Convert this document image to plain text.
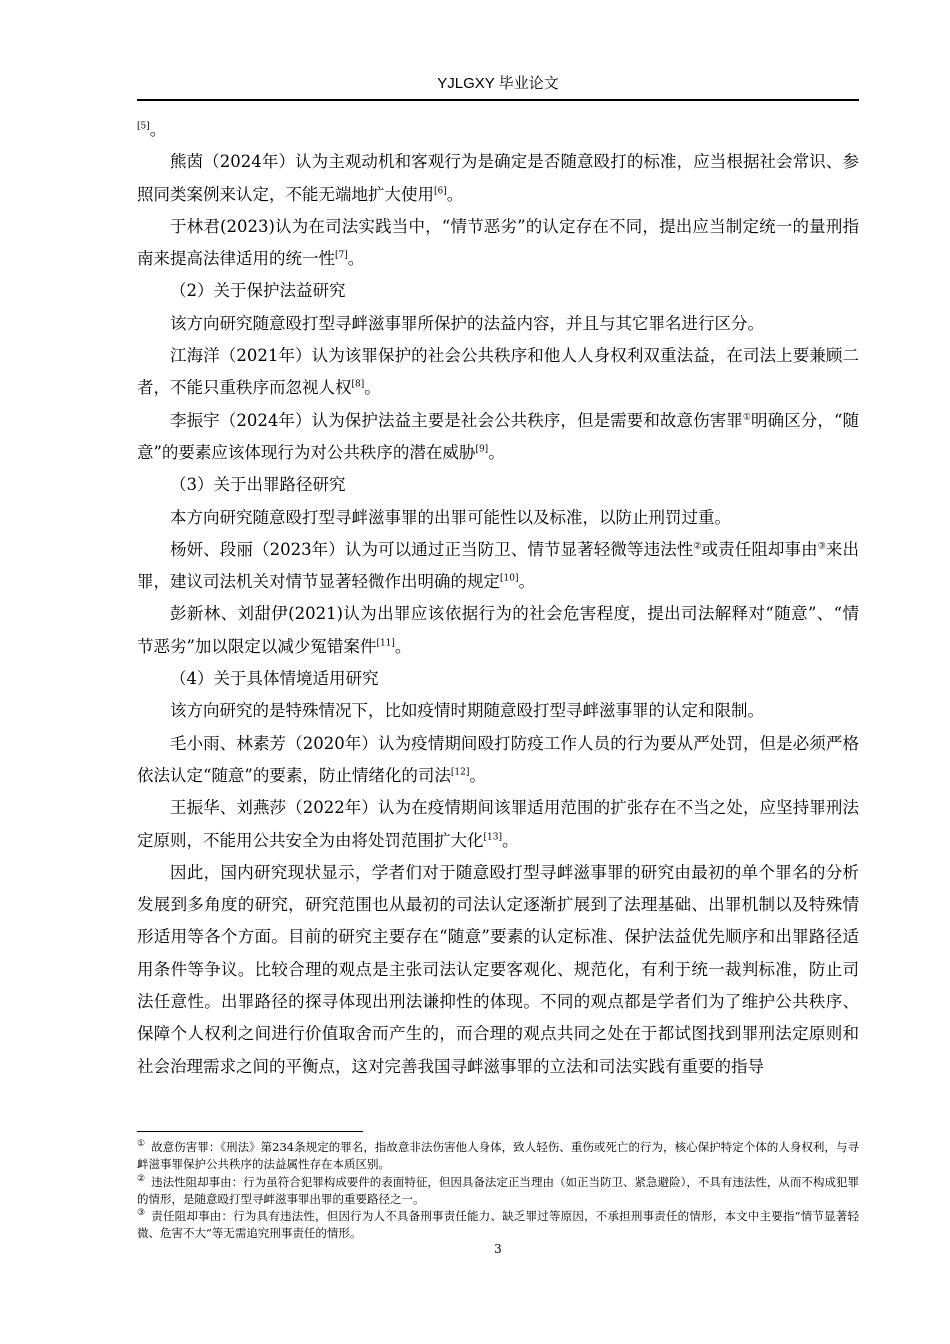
YJLGXY 毕业论文

[5]。

熊茵（2024年）认为主观动机和客观行为是确定是否随意殴打的标准，应当根据社会常识、参照同类案例来认定，不能无端地扩大使用[6]。

于林君(2023)认为在司法实践当中，“情节恶劣”的认定存在不同，提出应当制定统一的量刑指南来提高法律适用的统一性[7]。

（2）关于保护法益研究

该方向研究随意殴打型寻衅滋事罪所保护的法益内容，并且与其它罪名进行区分。

江海洋（2021年）认为该罪保护的社会公共秩序和他人人身权利双重法益，在司法上要兼顾二者，不能只重秩序而忽视人权[8]。

李振宇（2024年）认为保护法益主要是社会公共秩序，但是需要和故意伤害罪①明确区分，“随意”的要素应该体现行为对公共秩序的潜在威胁[9]。

（3）关于出罪路径研究

本方向研究随意殴打型寻衅滋事罪的出罪可能性以及标准，以防止刑罚过重。

杨妍、段丽（2023年）认为可以通过正当防卫、情节显著轻微等违法性②或责任阻却事由③来出罪，建议司法机关对情节显著轻微作出明确的规定[10]。

彭新林、刘甜伊(2021)认为出罪应该依据行为的社会危害程度，提出司法解释对“随意”、“情节恶劣”加以限定以减少冤错案件[11]。

（4）关于具体情境适用研究

该方向研究的是特殊情况下，比如疫情时期随意殴打型寻衅滋事罪的认定和限制。

毛小雨、林素芳（2020年）认为疫情期间殴打防疫工作人员的行为要从严处罚，但是必须严格依法认定“随意”的要素，防止情绪化的司法[12]。

王振华、刘燕莎（2022年）认为在疫情期间该罪适用范围的扩张存在不当之处，应坚持罪刑法定原则，不能用公共安全为由将处罚范围扩大化[13]。

因此，国内研究现状显示，学者们对于随意殴打型寻衅滋事罪的研究由最初的单个罪名的分析发展到多角度的研究，研究范围也从最初的司法认定逐渐扩展到了法理基础、出罪机制以及特殊情形适用等各个方面。目前的研究主要存在“随意”要素的认定标准、保护法益优先顺序和出罪路径适用条件等争议。比较合理的观点是主张司法认定要客观化、规范化，有利于统一裁判标准，防止司法任意性。出罪路径的探寻体现出刑法谦抑性的体现。不同的观点都是学者们为了维护公共秩序、保障个人权利之间进行价值取舍而产生的，而合理的观点共同之处在于都试图找到罪刑法定原则和社会治理需求之间的平衡点，这对完善我国寻衅滋事罪的立法和司法实践有重要的指导

① 故意伤害罪：《刑法》第234条规定的罪名，指故意非法伤害他人身体，致人轻伤、重伤或死亡的行为，核心保护特定个体的人身权利，与寻衅滋事罪保护公共秩序的法益属性存在本质区别。
② 违法性阻却事由：行为虽符合犯罪构成要件的表面特征，但因具备法定正当理由（如正当防卫、紧急避险），不具有违法性，从而不构成犯罪的情形，是随意殴打型寻衅滋事罪出罪的重要路径之一。
③ 责任阻却事由：行为具有违法性，但因行为人不具备刑事责任能力、缺乏罪过等原因，不承担刑事责任的情形，本文中主要指“情节显著轻微、危害不大”等无需追究刑事责任的情形。
3
